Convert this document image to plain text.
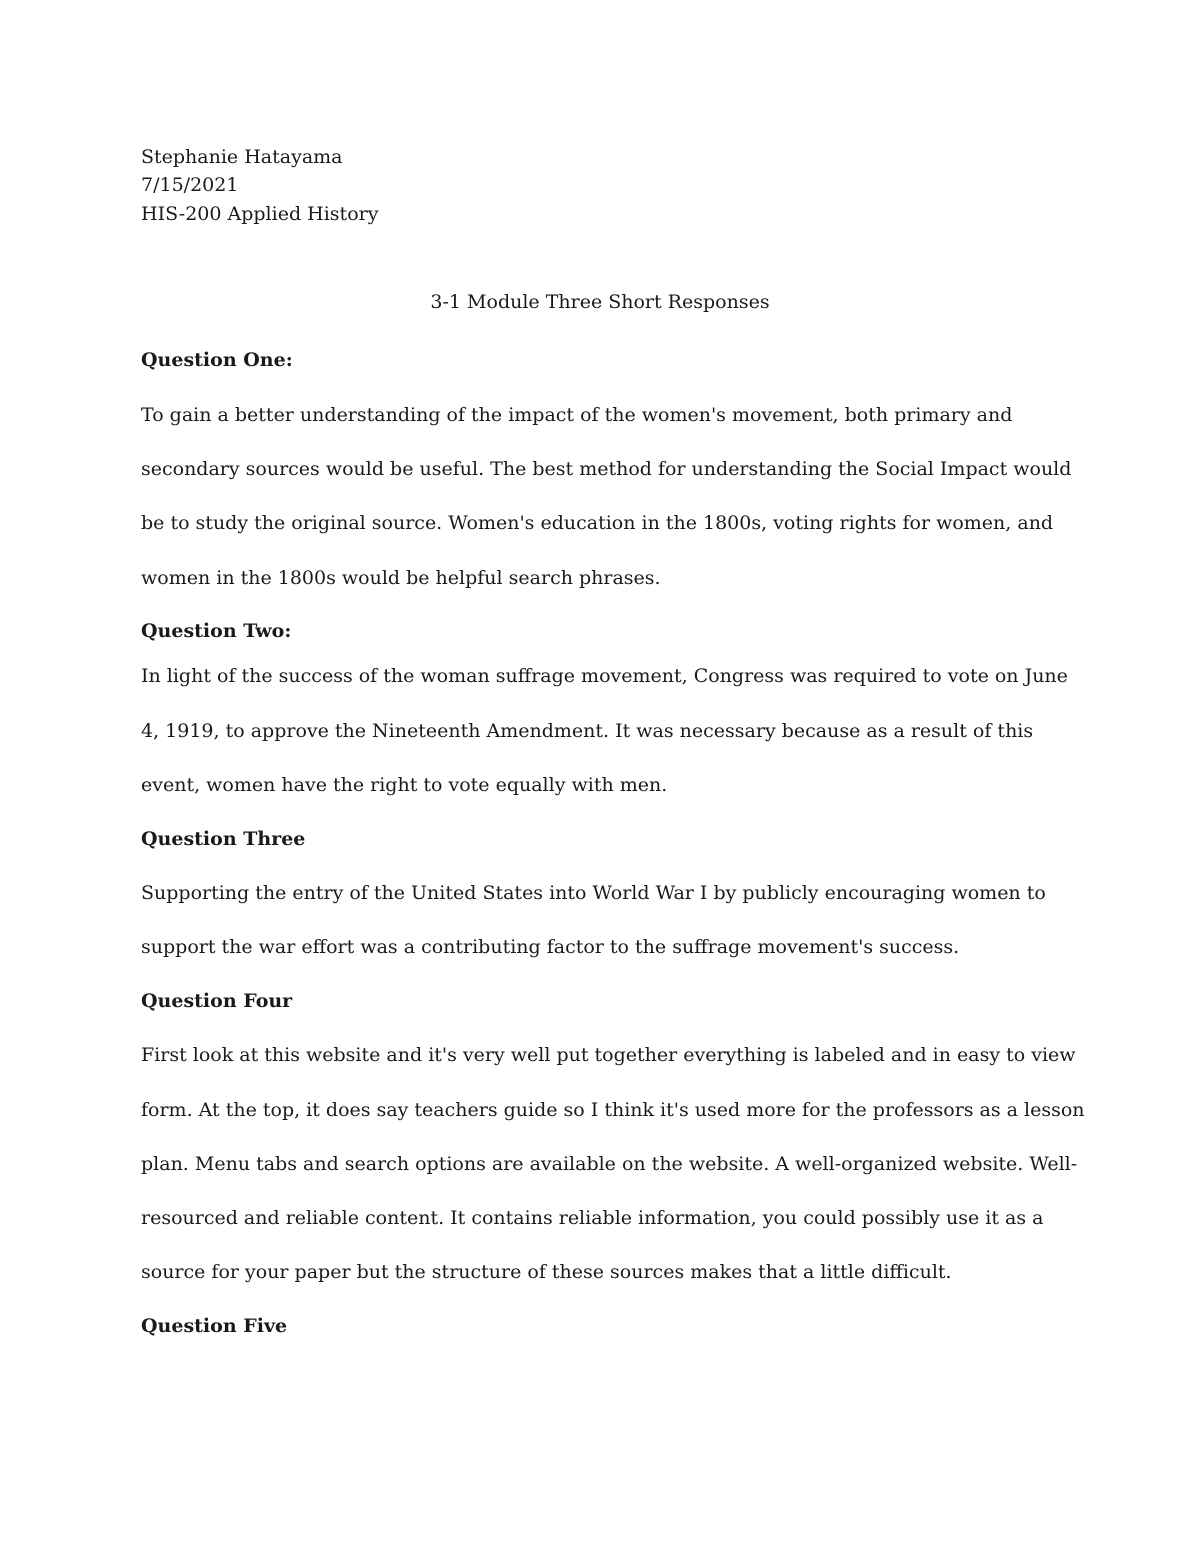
Stephanie Hatayama
7/15/2021
HIS-200 Applied History
3-1 Module Three Short Responses
Question One:
To gain a better understanding of the impact of the women's movement, both primary and
secondary sources would be useful. The best method for understanding the Social Impact would
be to study the original source. Women's education in the 1800s, voting rights for women, and
women in the 1800s would be helpful search phrases.
Question Two:
In light of the success of the woman suffrage movement, Congress was required to vote on June
4, 1919, to approve the Nineteenth Amendment. It was necessary because as a result of this
event, women have the right to vote equally with men.
Question Three
Supporting the entry of the United States into World War I by publicly encouraging women to
support the war effort was a contributing factor to the suffrage movement's success.
Question Four
First look at this website and it's very well put together everything is labeled and in easy to view
form. At the top, it does say teachers guide so I think it's used more for the professors as a lesson
plan. Menu tabs and search options are available on the website. A well-organized website. Well-
resourced and reliable content. It contains reliable information, you could possibly use it as a
source for your paper but the structure of these sources makes that a little difficult.
Question Five
